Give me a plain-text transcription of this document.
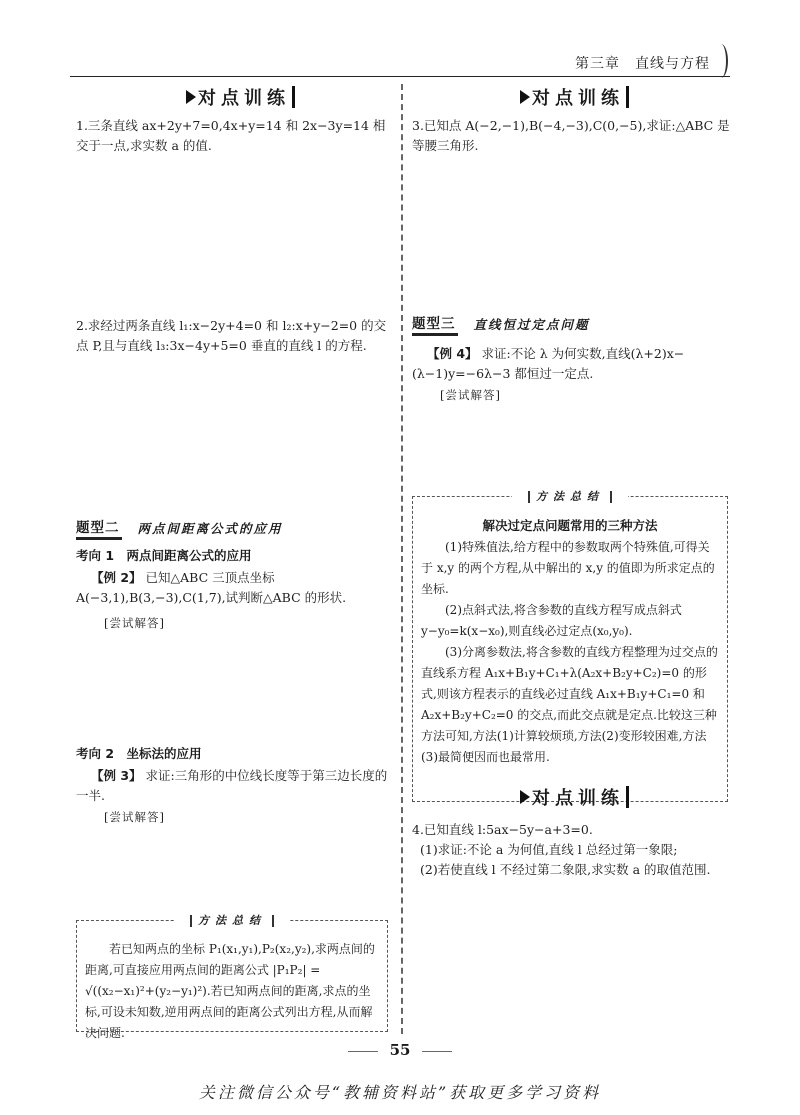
第三章　直线与方程
对点训练
1.三条直线 ax+2y+7=0,4x+y=14 和 2x−3y=14 相交于一点,求实数 a 的值.
2.求经过两条直线 l₁:x−2y+4=0 和 l₂:x+y−2=0 的交点 P,且与直线 l₃:3x−4y+5=0 垂直的直线 l 的方程.
题型二 两点间距离公式的应用
考向 1　两点间距离公式的应用
【例 2】 已知△ABC 三顶点坐标 A(−3,1),B(3,−3),C(1,7),试判断△ABC 的形状.
[尝试解答]
考向 2　坐标法的应用
【例 3】 求证:三角形的中位线长度等于第三边长度的一半.
[尝试解答]
方法总结
若已知两点的坐标 P₁(x₁,y₁),P₂(x₂,y₂),求两点间的距离,可直接应用两点间的距离公式 |P₁P₂| = √((x₂−x₁)²+(y₂−y₁)²).若已知两点间的距离,求点的坐标,可设未知数,逆用两点间的距离公式列出方程,从而解决问题.
对点训练
3.已知点 A(−2,−1),B(−4,−3),C(0,−5),求证:△ABC 是等腰三角形.
题型三 直线恒过定点问题
【例 4】 求证:不论 λ 为何实数,直线(λ+2)x−(λ−1)y=−6λ−3 都恒过一定点.
[尝试解答]
方法总结
解决过定点问题常用的三种方法
(1)特殊值法,给方程中的参数取两个特殊值,可得关于 x,y 的两个方程,从中解出的 x,y 的值即为所求定点的坐标.
(2)点斜式法,将含参数的直线方程写成点斜式 y−y₀=k(x−x₀),则直线必过定点(x₀,y₀).
(3)分离参数法,将含参数的直线方程整理为过交点的直线系方程 A₁x+B₁y+C₁+λ(A₂x+B₂y+C₂)=0 的形式,则该方程表示的直线必过直线 A₁x+B₁y+C₁=0 和 A₂x+B₂y+C₂=0 的交点,而此交点就是定点.比较这三种方法可知,方法(1)计算较烦琐,方法(2)变形较困难,方法(3)最简便因而也最常用.
对点训练
4.已知直线 l:5ax−5y−a+3=0.
(1)求证:不论 a 为何值,直线 l 总经过第一象限;
(2)若使直线 l 不经过第二象限,求实数 a 的取值范围.
55
关注微信公众号“教辅资料站”获取更多学习资料
